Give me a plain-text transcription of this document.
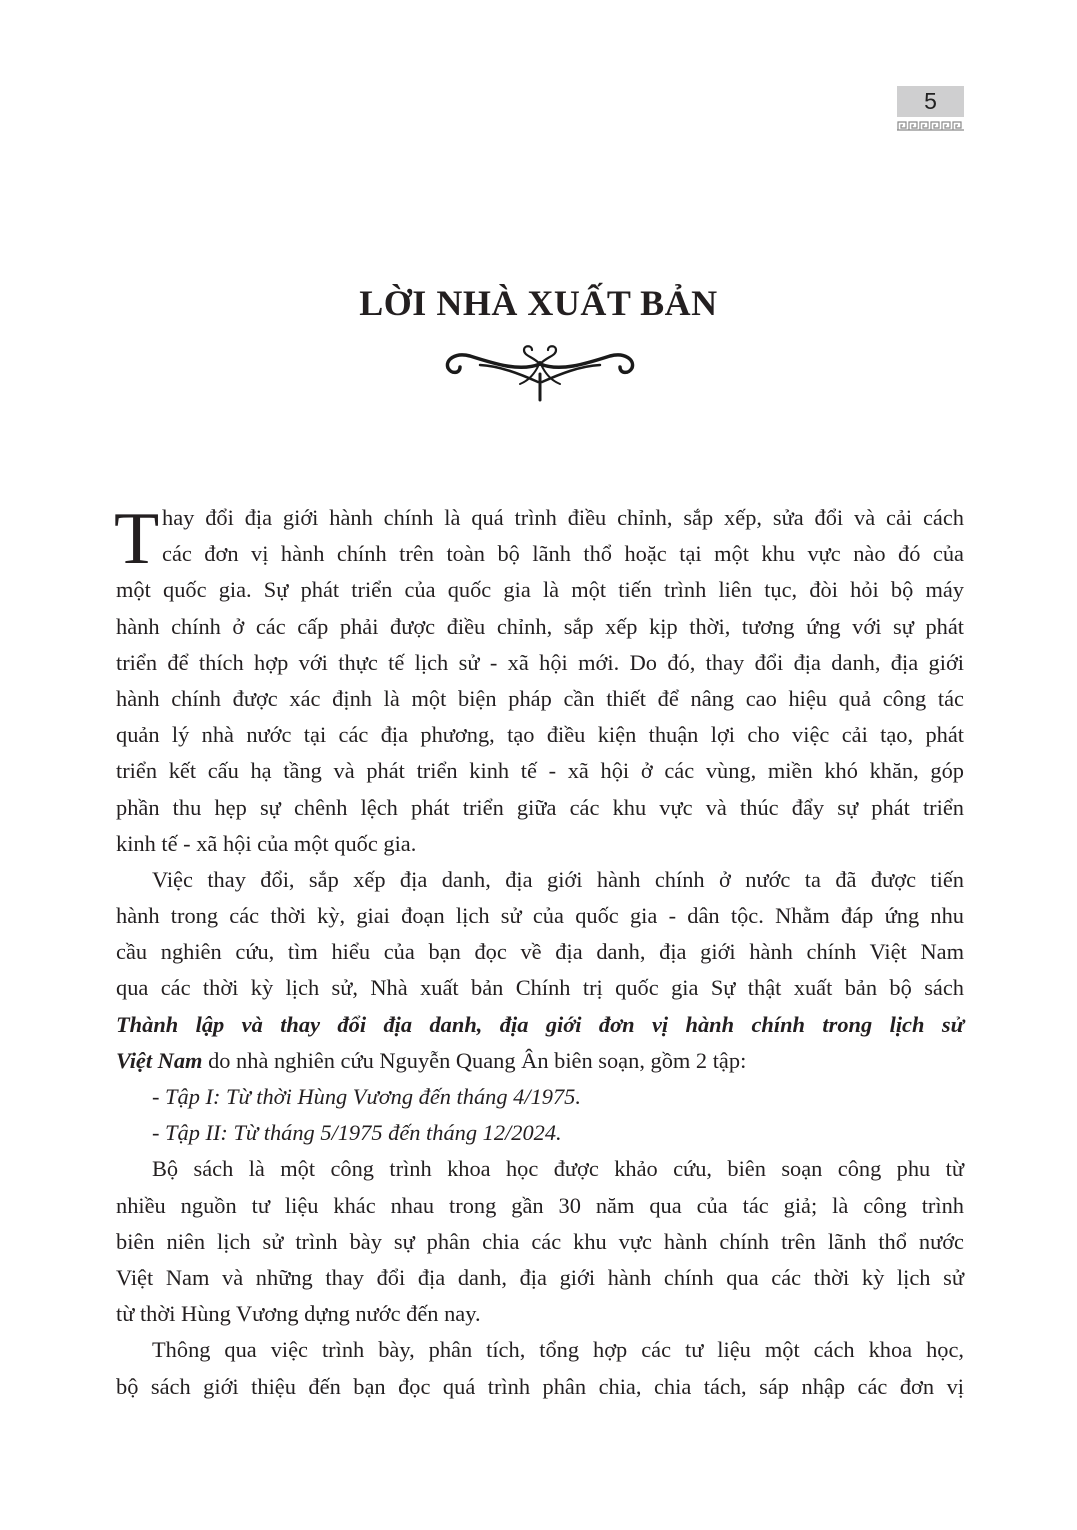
5
LỜI NHÀ XUẤT BẢN
T hay đổi địa giới hành chính là quá trình điều chỉnh, sắp xếp, sửa đổi và cải cách
các đơn vị hành chính trên toàn bộ lãnh thổ hoặc tại một khu vực nào đó của
một quốc gia. Sự phát triển của quốc gia là một tiến trình liên tục, đòi hỏi bộ máy
hành chính ở các cấp phải được điều chỉnh, sắp xếp kịp thời, tương ứng với sự phát
triển để thích hợp với thực tế lịch sử - xã hội mới. Do đó, thay đổi địa danh, địa giới
hành chính được xác định là một biện pháp cần thiết để nâng cao hiệu quả công tác
quản lý nhà nước tại các địa phương, tạo điều kiện thuận lợi cho việc cải tạo, phát
triển kết cấu hạ tầng và phát triển kinh tế - xã hội ở các vùng, miền khó khăn, góp
phần thu hẹp sự chênh lệch phát triển giữa các khu vực và thúc đẩy sự phát triển
kinh tế - xã hội của một quốc gia.
Việc thay đổi, sắp xếp địa danh, địa giới hành chính ở nước ta đã được tiến
hành trong các thời kỳ, giai đoạn lịch sử của quốc gia - dân tộc. Nhằm đáp ứng nhu
cầu nghiên cứu, tìm hiểu của bạn đọc về địa danh, địa giới hành chính Việt Nam
qua các thời kỳ lịch sử, Nhà xuất bản Chính trị quốc gia Sự thật xuất bản bộ sách
Thành lập và thay đổi địa danh, địa giới đơn vị hành chính trong lịch sử
Việt Nam do nhà nghiên cứu Nguyễn Quang Ân biên soạn, gồm 2 tập:
- Tập I: Từ thời Hùng Vương đến tháng 4/1975.
- Tập II: Từ tháng 5/1975 đến tháng 12/2024.
Bộ sách là một công trình khoa học được khảo cứu, biên soạn công phu từ
nhiều nguồn tư liệu khác nhau trong gần 30 năm qua của tác giả; là công trình
biên niên lịch sử trình bày sự phân chia các khu vực hành chính trên lãnh thổ nước
Việt Nam và những thay đổi địa danh, địa giới hành chính qua các thời kỳ lịch sử
từ thời Hùng Vương dựng nước đến nay.
Thông qua việc trình bày, phân tích, tổng hợp các tư liệu một cách khoa học,
bộ sách giới thiệu đến bạn đọc quá trình phân chia, chia tách, sáp nhập các đơn vị
